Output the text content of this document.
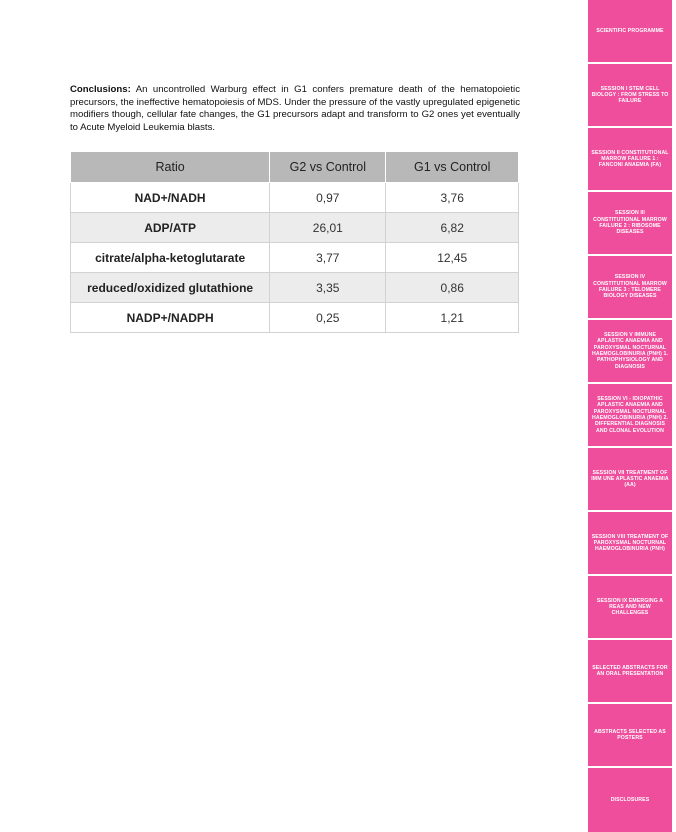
Conclusions: An uncontrolled Warburg effect in G1 confers premature death of the hematopoietic precursors, the ineffective hematopoiesis of MDS. Under the pressure of the vastly upregulated epigenetic modifiers though, cellular fate changes, the G1 precursors adapt and transform to G2 ones yet eventually to Acute Myeloid Leukemia blasts.

Ratio	G2 vs Control	G1 vs Control
NAD+/NADH	0,97	3,76
ADP/ATP	26,01	6,82
citrate/alpha-ketoglutarate	3,77	12,45
reduced/oxidized glutathione	3,35	0,86
NADP+/NADPH	0,25	1,21
SCIENTIFIC PROGRAMME
SESSION I STEM CELL BIOLOGY : FROM STRESS TO FAILURE
SESSION II CONSTITUTIONAL MARROW FAILURE 1 : FANCONI ANAEMIA (FA)
SESSION III CONSTITUTIONAL MARROW FAILURE 2 : RIBOSOME DISEASES
SESSION IV CONSTITUTIONAL MARROW FAILURE 3 : TELOMERE BIOLOGY DISEASES
SESSION V IMMUNE APLASTIC ANAEMIA AND PAROXYSMAL NOCTURNAL HAEMOGLOBINURIA (PNH) 1. PATHOPHYSIOLOGY AND DIAGNOSIS
SESSION VI - IDIOPATHIC APLASTIC ANAEMIA AND PAROXYSMAL NOCTURNAL HAEMOGLOBINURIA (PNH) 2. DIFFERENTIAL DIAGNOSIS AND CLONAL EVOLUTION
SESSION VII TREATMENT OF IMM UNE APLASTIC ANAEMIA (AA)
SESSION VIII TREATMENT OF PAROXYSMAL NOCTURNAL HAEMOGLOBINURIA (PNH)
SESSION IX EMERGING A REAS AND NEW CHALLENGES
SELECTED ABSTRACTS FOR AN ORAL PRESENTATION
ABSTRACTS SELECTED AS POSTERS
DISCLOSURES
